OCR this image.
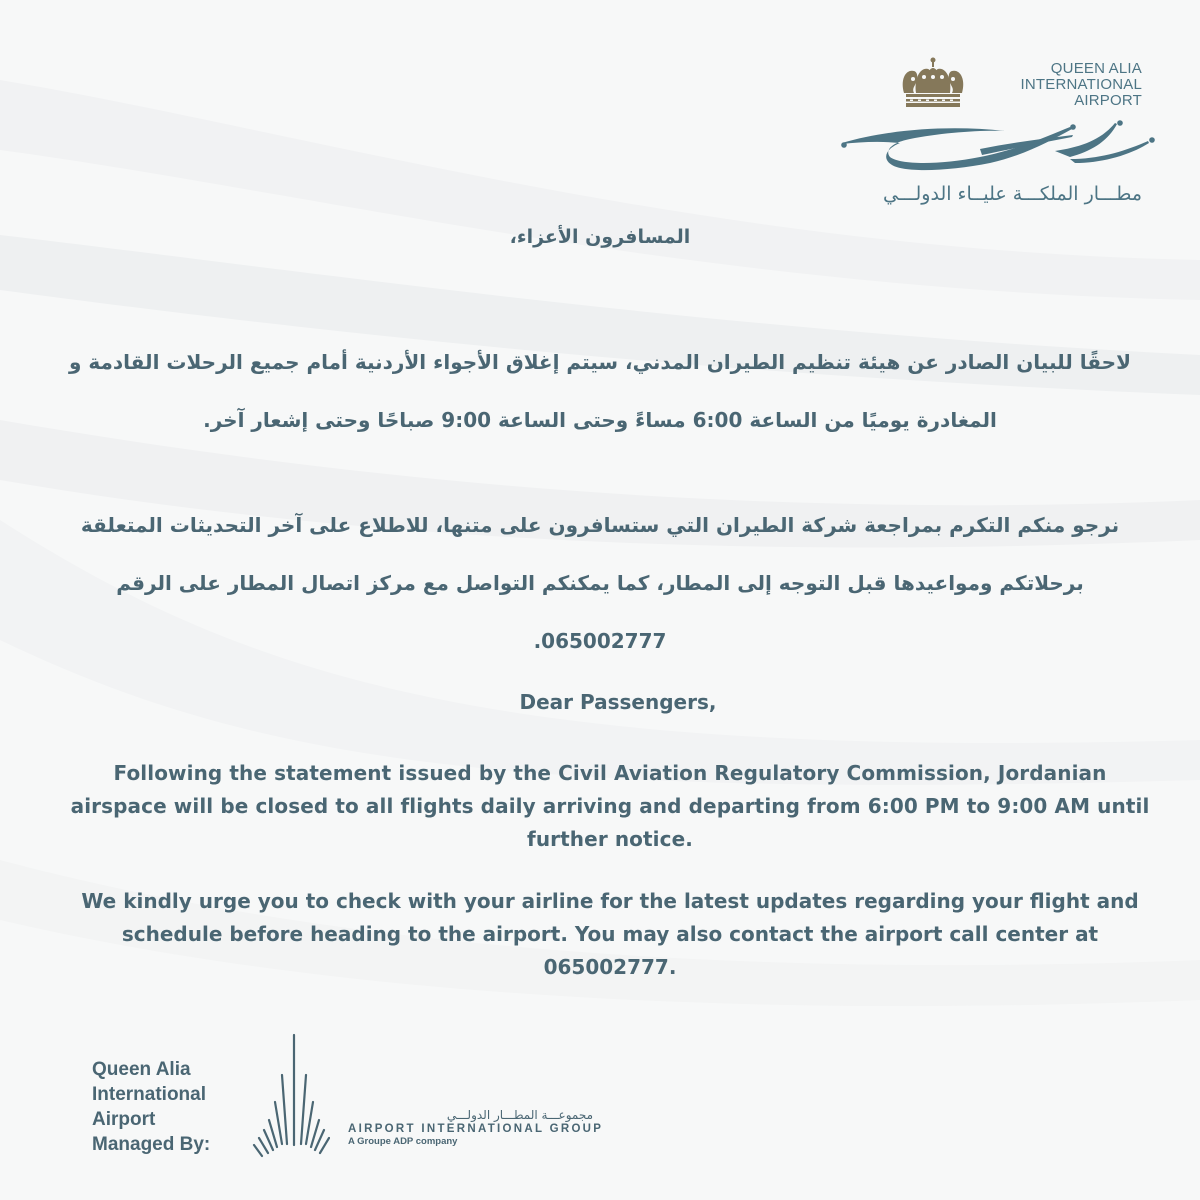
QUEEN ALIA
INTERNATIONAL
AIRPORT
مطـــار الملكـــة عليــاء الدولـــي
المسافرون الأعزاء،
لاحقًا للبيان الصادر عن هيئة تنظيم الطيران المدني، سيتم إغلاق الأجواء الأردنية أمام جميع الرحلات القادمة و المغادرة يوميًا من الساعة 6:00 مساءً وحتى الساعة 9:00 صباحًا وحتى إشعار آخر.
نرجو منكم التكرم بمراجعة شركة الطيران التي ستسافرون على متنها، للاطلاع على آخر التحديثات المتعلقة برحلاتكم ومواعيدها قبل التوجه إلى المطار، كما يمكنكم التواصل مع مركز اتصال المطار على الرقم 065002777.
Dear Passengers,
Following the statement issued by the Civil Aviation Regulatory Commission, Jordanian airspace will be closed to all flights daily arriving and departing from 6:00 PM to 9:00 AM until further notice.
We kindly urge you to check with your airline for the latest updates regarding your flight and schedule before heading to the airport. You may also contact the airport call center at 065002777.
Queen Alia
International
Airport
Managed By:
مجموعـــة المطـــار الدولـــي
AIRPORT INTERNATIONAL GROUP
A Groupe ADP company
